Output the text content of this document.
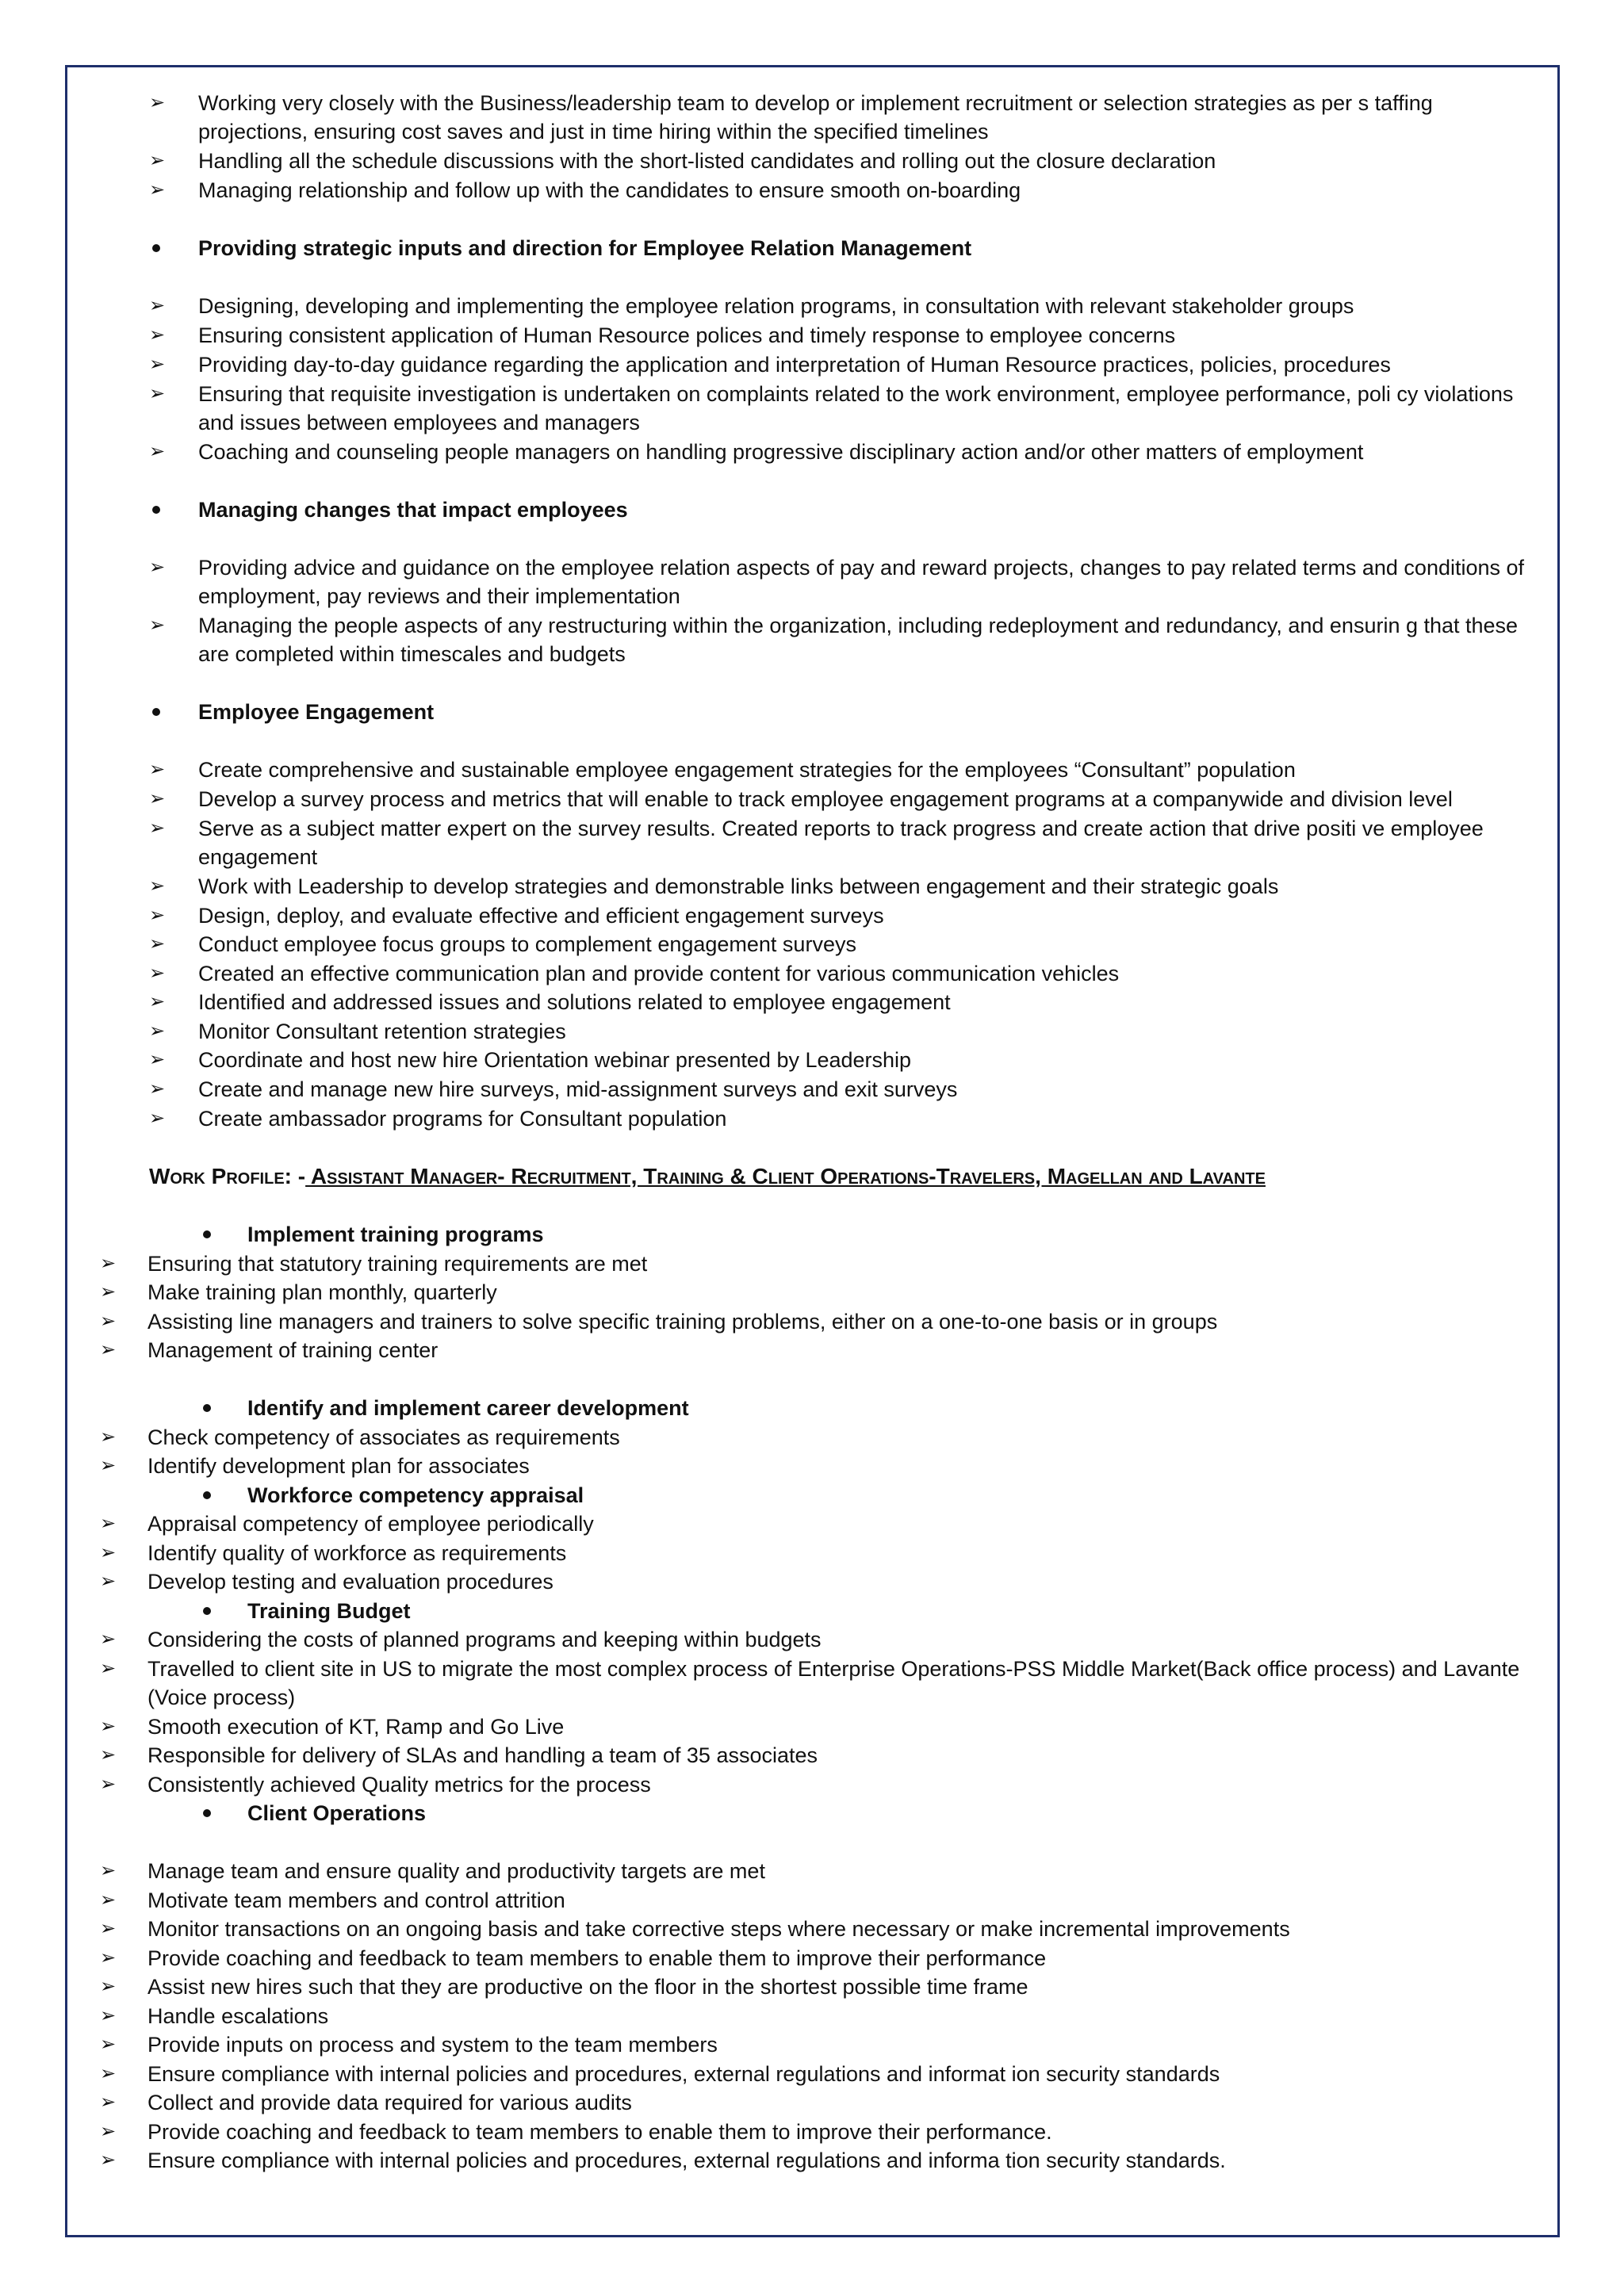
➢ Working very closely with the Business/leadership team to develop or implement recruitment or selection strategies as per s taffing projections, ensuring cost saves and just in time hiring within the specified timelines
➢ Handling all the schedule discussions with the short-listed candidates and rolling out the closure declaration
➢ Managing relationship and follow up with the candidates to ensure smooth on-boarding
Providing strategic inputs and direction for Employee Relation Management
➢ Designing, developing and implementing the employee relation programs, in consultation with relevant stakeholder groups
➢ Ensuring consistent application of Human Resource polices and timely response to employee concerns
➢ Providing day-to-day guidance regarding the application and interpretation of Human Resource practices, policies, procedures
➢ Ensuring that requisite investigation is undertaken on complaints related to the work environment, employee performance, poli cy violations and issues between employees and managers
➢ Coaching and counseling people managers on handling progressive disciplinary action and/or other matters of employment
Managing changes that impact employees
➢ Providing advice and guidance on the employee relation aspects of pay and reward projects, changes to pay related terms and conditions of employment, pay reviews and their implementation
➢ Managing the people aspects of any restructuring within the organization, including redeployment and redundancy, and ensurin g that these are completed within timescales and budgets
Employee Engagement
➢ Create comprehensive and sustainable employee engagement strategies for the employees “Consultant” population
➢ Develop a survey process and metrics that will enable to track employee engagement programs at a companywide and division level
➢ Serve as a subject matter expert on the survey results. Created reports to track progress and create action that drive positi ve employee engagement
➢ Work with Leadership to develop strategies and demonstrable links between engagement and their strategic goals
➢ Design, deploy, and evaluate effective and efficient engagement surveys
➢ Conduct employee focus groups to complement engagement surveys
➢ Created an effective communication plan and provide content for various communication vehicles
➢ Identified and addressed issues and solutions related to employee engagement
➢ Monitor Consultant retention strategies
➢ Coordinate and host new hire Orientation webinar presented by Leadership
➢ Create and manage new hire surveys, mid-assignment surveys and exit surveys
➢ Create ambassador programs for Consultant population
Work Profile: - Assistant Manager- Recruitment, Training & Client Operations-Travelers, Magellan and Lavante
Implement training programs
➢ Ensuring that statutory training requirements are met
➢ Make training plan monthly, quarterly
➢ Assisting line managers and trainers to solve specific training problems, either on a one-to-one basis or in groups
➢ Management of training center
Identify and implement career development
➢ Check competency of associates as requirements
➢ Identify development plan for associates
Workforce competency appraisal
➢ Appraisal competency of employee periodically
➢ Identify quality of workforce as requirements
➢ Develop testing and evaluation procedures
Training Budget
➢ Considering the costs of planned programs and keeping within budgets
➢ Travelled to client site in US to migrate the most complex process of Enterprise Operations-PSS Middle Market(Back office process) and Lavante (Voice process)
➢ Smooth execution of KT, Ramp and Go Live
➢ Responsible for delivery of SLAs and handling a team of 35 associates
➢ Consistently achieved Quality metrics for the process
Client Operations
➢ Manage team and ensure quality and productivity targets are met
➢ Motivate team members and control attrition
➢ Monitor transactions on an ongoing basis and take corrective steps where necessary or make incremental improvements
➢ Provide coaching and feedback to team members to enable them to improve their performance
➢ Assist new hires such that they are productive on the floor in the shortest possible time frame
➢ Handle escalations
➢ Provide inputs on process and system to the team members
➢ Ensure compliance with internal policies and procedures, external regulations and informat ion security standards
➢ Collect and provide data required for various audits
➢ Provide coaching and feedback to team members to enable them to improve their performance.
➢ Ensure compliance with internal policies and procedures, external regulations and informa tion security standards.
